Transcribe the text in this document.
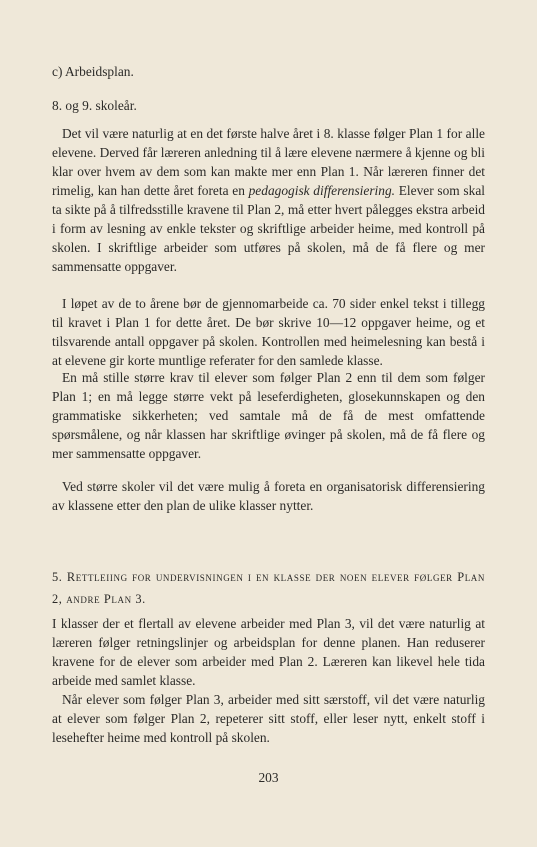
c) Arbeidsplan.

8. og 9. skoleår.

Det vil være naturlig at en det første halve året i 8. klasse følger Plan 1 for alle elevene. Derved får læreren anledning til å lære elevene nærmere å kjenne og bli klar over hvem av dem som kan makte mer enn Plan 1. Når læreren finner det rimelig, kan han dette året foreta en pedagogisk differensiering. Elever som skal ta sikte på å tilfredsstille kravene til Plan 2, må etter hvert pålegges ekstra arbeid i form av lesning av enkle tekster og skriftlige arbeider heime, med kontroll på skolen. I skriftlige arbeider som utføres på skolen, må de få flere og mer sammensatte oppgaver.

I løpet av de to årene bør de gjennomarbeide ca. 70 sider enkel tekst i tillegg til kravet i Plan 1 for dette året. De bør skrive 10—12 oppgaver heime, og et tilsvarende antall oppgaver på skolen. Kontrollen med heimelesning kan bestå i at elevene gir korte muntlige referater for den samlede klasse.

En må stille større krav til elever som følger Plan 2 enn til dem som følger Plan 1; en må legge større vekt på leseferdigheten, glosekunnskapen og den grammatiske sikkerheten; ved samtale må de få de mest omfattende spørsmålene, og når klassen har skriftlige øvinger på skolen, må de få flere og mer sammensatte oppgaver.

Ved større skoler vil det være mulig å foreta en organisatorisk differensiering av klassene etter den plan de ulike klasser nytter.

5. Rettleiing for undervisningen i en klasse der noen elever følger Plan 2, andre Plan 3.

I klasser der et flertall av elevene arbeider med Plan 3, vil det være naturlig at læreren følger retningslinjer og arbeidsplan for denne planen. Han reduserer kravene for de elever som arbeider med Plan 2. Læreren kan likevel hele tida arbeide med samlet klasse.

Når elever som følger Plan 3, arbeider med sitt særstoff, vil det være naturlig at elever som følger Plan 2, repeterer sitt stoff, eller leser nytt, enkelt stoff i lesehefter heime med kontroll på skolen.

203
